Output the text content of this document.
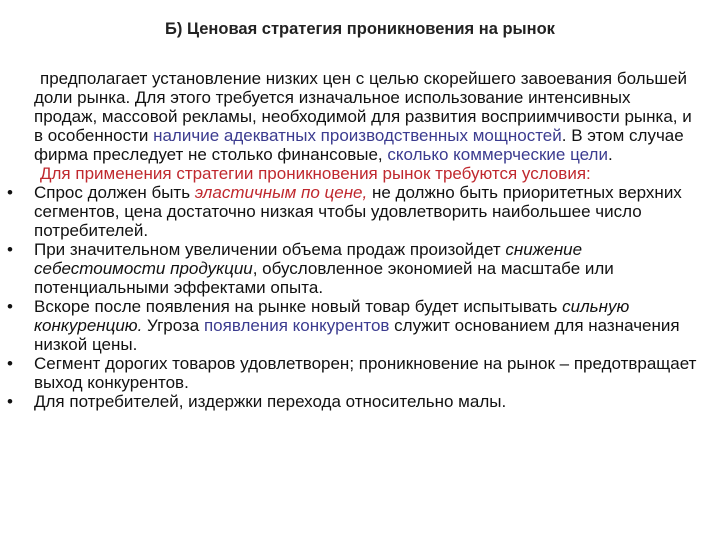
Б) Ценовая стратегия проникновения на рынок
предполагает установление низких цен с целью скорейшего завоевания большей доли рынка. Для этого требуется изначальное использование интенсивных продаж, массовой рекламы, необходимой для развития восприимчивости рынка, и в особенности наличие адекватных производственных мощностей. В этом случае фирма преследует не столько финансовые, сколько коммерческие цели.
Для применения стратегии проникновения рынок требуются условия:
• Спрос должен быть эластичным по цене, не должно быть приоритетных верхних сегментов, цена достаточно низкая чтобы удовлетворить наибольшее число потребителей.
• При значительном увеличении объема продаж произойдет снижение себестоимости продукции, обусловленное экономией на масштабе или потенциальными эффектами опыта.
• Вскоре после появления на рынке новый товар будет испытывать сильную конкуренцию. Угроза появления конкурентов служит основанием для назначения низкой цены.
• Сегмент дорогих товаров удовлетворен; проникновение на рынок – предотвращает выход конкурентов.
• Для потребителей, издержки перехода относительно малы.
